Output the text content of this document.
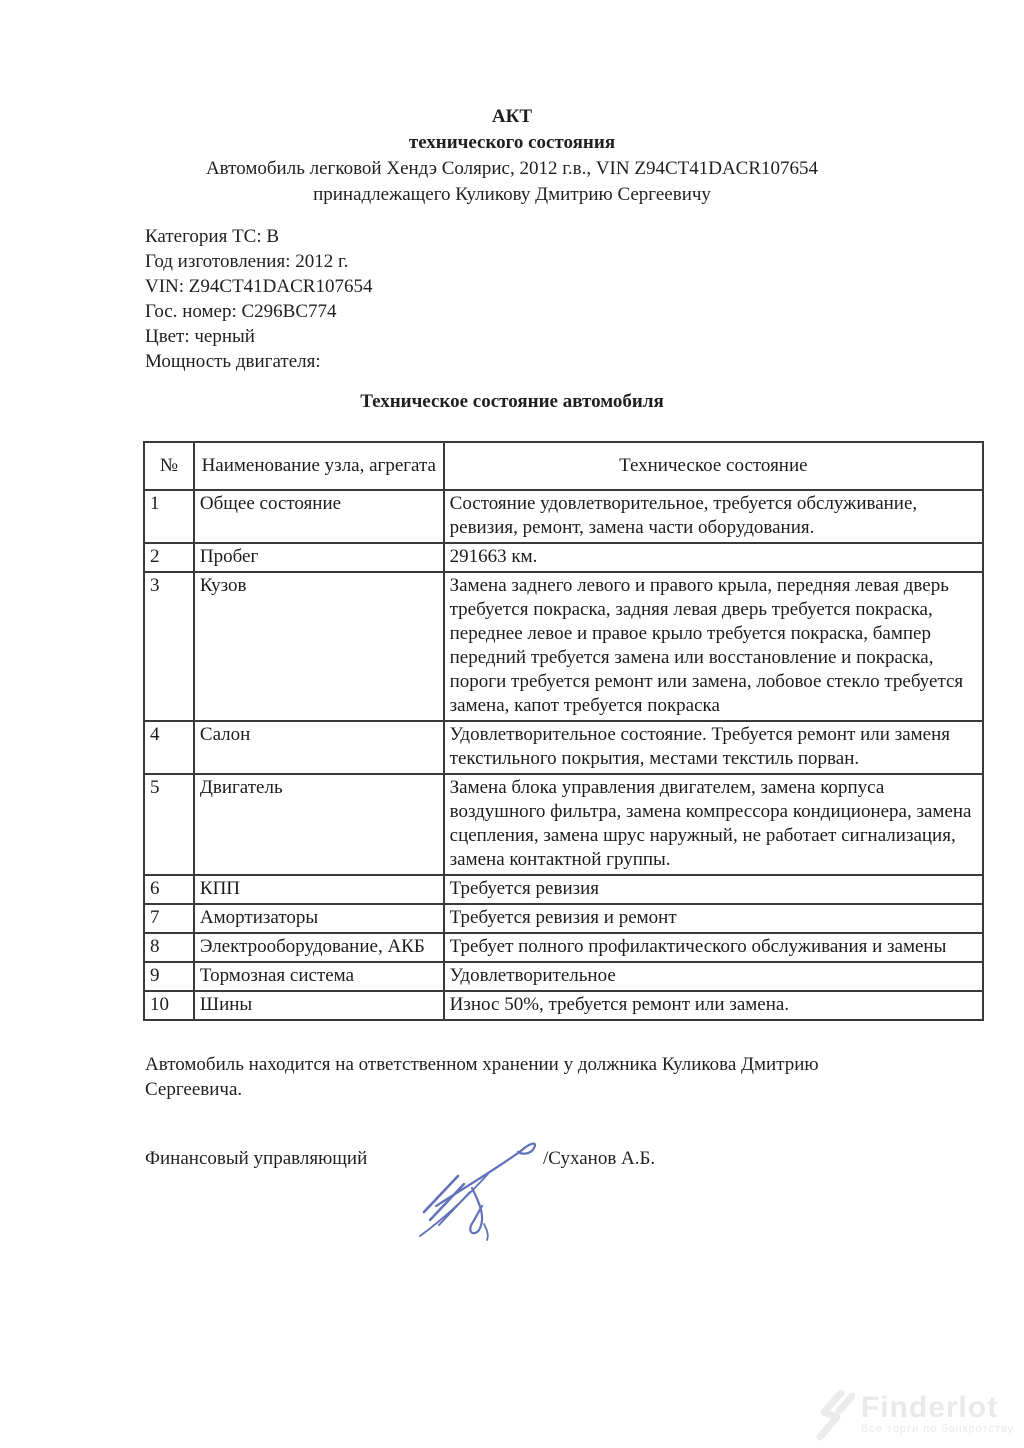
АКТ
технического состояния
Автомобиль легковой Хендэ Солярис, 2012 г.в., VIN Z94CT41DACR107654
принадлежащего Куликову Дмитрию Сергеевичу
Категория ТС: В
Год изготовления: 2012 г.
VIN: Z94CT41DACR107654
Гос. номер: С296ВС774
Цвет: черный
Мощность двигателя:
Техническое состояние автомобиля
№	Наименование узла, агрегата	Техническое состояние
1	Общее состояние	Состояние удовлетворительное, требуется обслуживание, ревизия, ремонт, замена части оборудования.
2	Пробег	291663 км.
3	Кузов	Замена заднего левого и правого крыла, передняя левая дверь требуется покраска, задняя левая дверь требуется покраска, переднее левое и правое крыло требуется покраска, бампер передний требуется замена или восстановление и покраска, пороги требуется ремонт или замена, лобовое стекло требуется замена, капот требуется покраска
4	Салон	Удовлетворительное состояние. Требуется ремонт или заменя текстильного покрытия, местами текстиль порван.
5	Двигатель	Замена блока управления двигателем, замена корпуса воздушного фильтра, замена компрессора кондиционера, замена сцепления, замена шрус наружный, не работает сигнализация, замена контактной группы.
6	КПП	Требуется ревизия
7	Амортизаторы	Требуется ревизия и ремонт
8	Электрооборудование, АКБ	Требует полного профилактического обслуживания и замены
9	Тормозная система	Удовлетворительное
10	Шины	Износ 50%, требуется ремонт или замена.

Автомобиль находится на ответственном хранении у должника Куликова Дмитрию Сергеевича.

Финансовый управляющий	/Суханов А.Б.
Finderlot
Все торги по банкротству
